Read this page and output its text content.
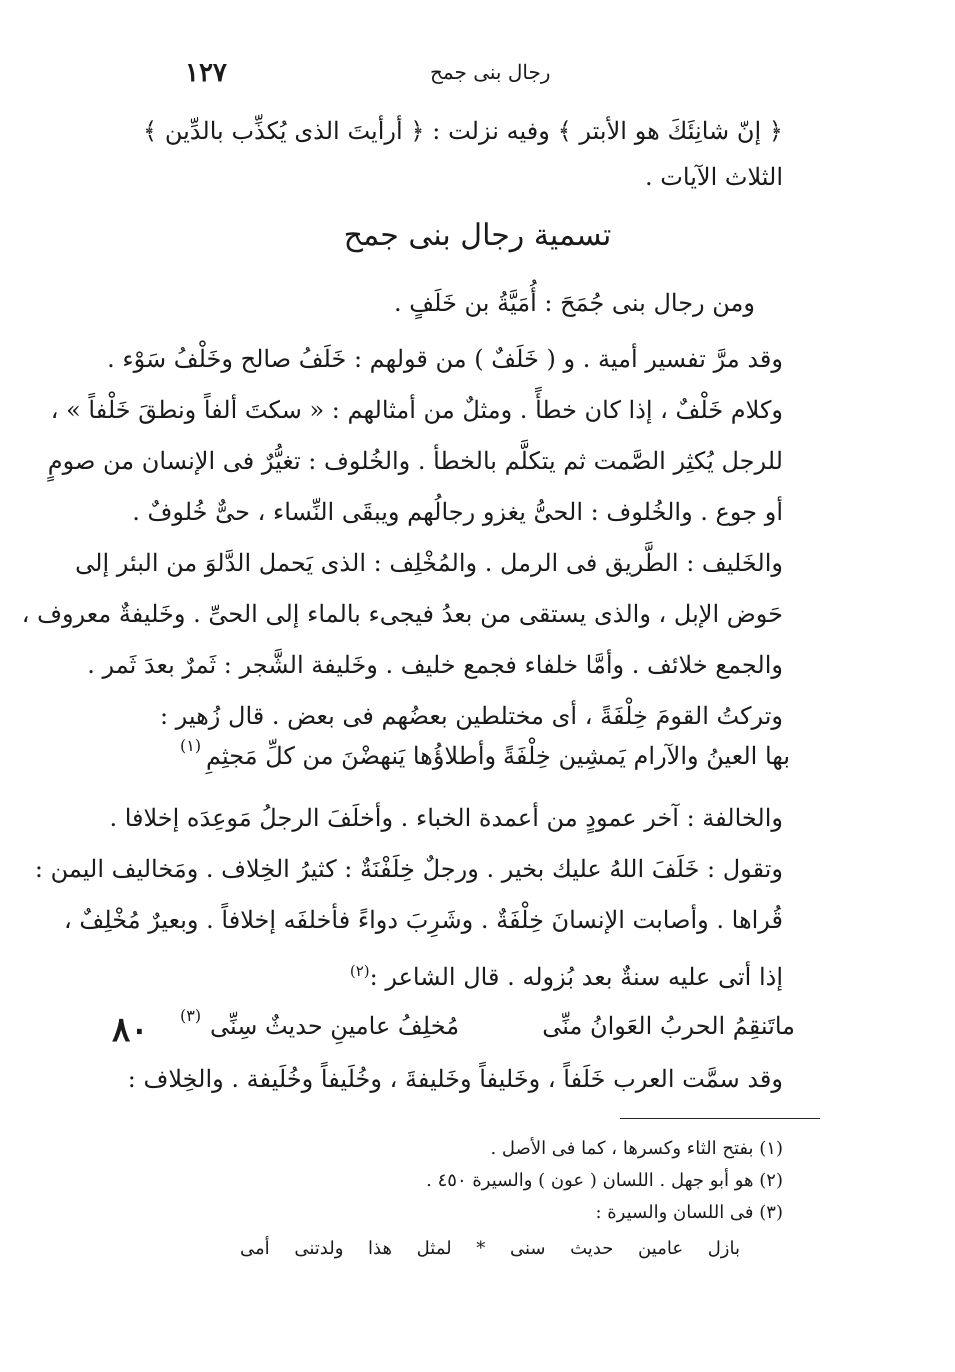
١٢٧	رجال بنى جمح
٨٠
﴿ إنّ شانِئَكَ هو الأبتر ﴾ وفيه نزلت : ﴿ أرأيتَ الذى يُكذِّب بالدِّين ﴾
الثلاث الآيات .
تسمية رجال بنى جمح
ومن رجال بنى جُمَحَ : أُمَيَّةُ بن خَلَفٍ .
وقد مرَّ تفسير أمية . و ( خَلَفٌ ) من قولهم : خَلَفُ صالح وخَلْفُ سَوْء .
وكلام خَلْفٌ ، إذا كان خطأً . ومثلٌ من أمثالهم : « سكتَ ألفاً ونطقَ خَلْفاً » ،
للرجل يُكثِر الصَّمت ثم يتكلَّم بالخطأ . والخُلوف : تغيُّرٌ فى الإنسان من صومٍ
أو جوع . والخُلوف : الحىُّ يغزو رجالُهم ويبقَى النِّساء ، حىٌّ خُلوفٌ .
والخَليف : الطَّريق فى الرمل . والمُخْلِف : الذى يَحمل الدَّلوَ من البئر إلى
حَوض الإبل ، والذى يستقى من بعدُ فيجىء بالماء إلى الحىِّ . وخَليفةٌ معروف ،
والجمع خلائف . وأمَّا خلفاء فجمع خليف . وخَليفة الشَّجر : ثَمرٌ بعدَ ثَمر .
وتركتُ القومَ خِلْفَةً ، أى مختلطين بعضُهم فى بعض . قال زُهير :
بها العينُ والآرام يَمشِين خِلْفَةً
وأطلاؤُها يَنهضْنَ من كلِّ مَجثِمِ
(١)
والخالفة : آخر عمودٍ من أعمدة الخباء . وأخلَفَ الرجلُ مَوعِدَه إخلافا .
وتقول : خَلَفَ اللهُ عليك بخير . ورجلٌ خِلَفْنَةٌ : كثيرُ الخِلاف . ومَخاليف اليمن :
قُراها . وأصابت الإنسانَ خِلْفَةٌ . وشَرِبَ دواءً فأخلفَه إخلافاً . وبعيرٌ مُخْلِفٌ ،
إذا أتى عليه سنةٌ بعد بُزوله . قال الشاعر :$^{(٢)}$
ماتَنقِمُ الحربُ العَوانُ منِّى
مُخلِفُ عامينِ حديثٌ سِنِّى
(٣)
وقد سمَّت العرب خَلَفاً ، وخَليفاً وخَليفةَ ، وخُلَيفاً وخُلَيفة . والخِلاف :
(١) بفتح الثاء وكسرها ، كما فى الأصل .
(٢) هو أبو جهل . اللسان ( عون ) والسيرة ٤٥٠ .
(٣) فى اللسان والسيرة :
بازل عامين حديث سنى * لمثل هذا ولدتنى أمى
